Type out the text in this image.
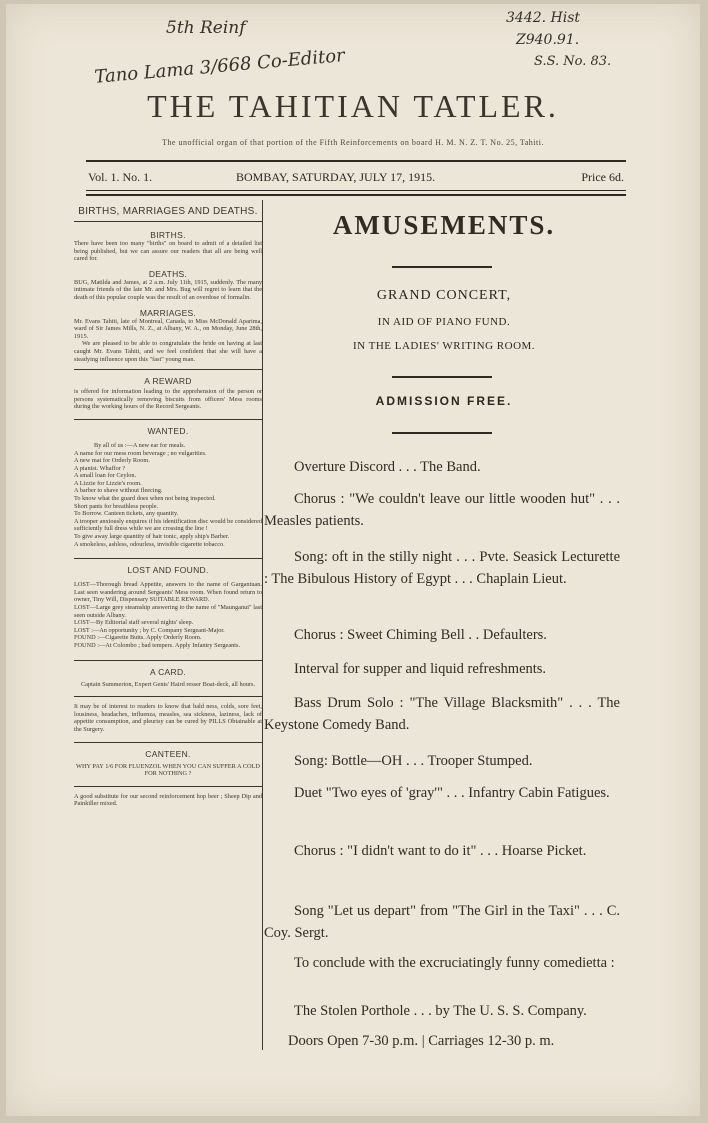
5th Reinf
Tano Lama 3/668 Co-Editor
3442. Hist
Z940.91.
S.S. No. 83.
THE TAHITIAN TATLER.
The unofficial organ of that portion of the Fifth Reinforcements on board H. M. N. Z. T. No. 25, Tahiti.
Vol. 1. No. 1.	BOMBAY, SATURDAY, JULY 17, 1915.	Price 6d.

BIRTHS, MARRIAGES AND DEATHS.

BIRTHS.

There have been too many "births" on board to admit of a detailed list being published, but we can assure our readers that all are being well cared for.

DEATHS.

BUG, Matilda and James, at 2 a.m. July 11th, 1915, suddenly. The many intimate friends of the late Mr. and Mrs. Bug will regret to learn that the death of this popular couple was the result of an overdose of formalin.

MARRIAGES.

Mr. Evans Tahiti, late of Montreal, Canada, to Miss McDonald Aparima, ward of Sir James Mills, N. Z., at Albany, W. A., on Monday, June 28th, 1915.

We are pleased to be able to congratulate the bride on having at last caught Mr. Evans Tahiti, and we feel confident that she will have a steadying influence upon this "fast" young man.

A REWARD

is offered for information leading to the apprehension of the person or persons systematically removing biscuits from officers' Mess rooms during the working hours of the Record Sergeants.

WANTED.

By all of us :—A new ear for meals.

A name for our mess room beverage ; no vulgarities.

A new mat for Orderly Room.

A pianist. Whaffor ?

A small loan for Ceylon.

A Lizzie for Lizzie's room.

A barber to shave without fleecing.

To know what the guard does when not being inspected.

Short pants for breathless people.

To Borrow. Canteen tickets, any quantity.

A trooper anxiously enquires if his identification disc would be considered sufficiently full dress while we are crossing the line !

To give away large quantity of hair tonic, apply ship's Barber.

A smokeless, ashless, odourless, invisible cigarette tobacco.

LOST AND FOUND.

LOST—Thorough bread Appetite, answers to the name of Gargantuan. Last seen wandering around Sergeants' Mess room. When found return to owner, Tiny Will, Dispensary SUITABLE REWARD.

LOST—Large grey steamship answering to the name of "Maunganui" last seen outside Albany.

LOST—By Editorial staff several nights' sleep.

LOST :—An opportunity ; by C. Company Sergeant-Major.

FOUND :—Cigarette Butts. Apply Orderly Room.

FOUND :—At Colombo ; bad tempers. Apply Infantry Sergeants.

A CARD.

Captain Summerton, Expert Gents' Haird resser Boat-deck, all hours.

It may be of interest to readers to know that bald ness, colds, sore feet, lousiness, headaches, influenza, measles, sea sickness, laziness, lack of appetite consumption, and pleurisy can be cured by PILLS Obtainable at the Surgery.

CANTEEN.

WHY PAY 1/6 FOR FLUENZOL WHEN YOU CAN SUFFER A COLD FOR NOTHING ?

A good substitute for our second reinforcement hop beer ; Sheep Dip and Painkiller mixed.

AMUSEMENTS.
GRAND CONCERT,
IN AID OF PIANO FUND.
IN THE LADIES' WRITING ROOM.
ADMISSION FREE.
Overture Discord . . . The Band.
Chorus : "We couldn't leave our little wooden hut" . . . Measles patients.
Song: oft in the stilly night . . . Pvte. Seasick Lecturette : The Bibulous History of Egypt . . . Chaplain Lieut.
Chorus : Sweet Chiming Bell . . Defaulters.
Interval for supper and liquid refreshments.
Bass Drum Solo : "The Village Blacksmith" . . . The Keystone Comedy Band.
Song: Bottle—OH . . . Trooper Stumped.
Duet "Two eyes of 'gray'" . . . Infantry Cabin Fatigues.
Chorus : "I didn't want to do it" . . . Hoarse Picket.
Song "Let us depart" from "The Girl in the Taxi" . . . C. Coy. Sergt.
To conclude with the excruciatingly funny comedietta :
The Stolen Porthole . . . by The U. S. S. Company.
Doors Open 7-30 p.m. | Carriages 12-30 p. m.
